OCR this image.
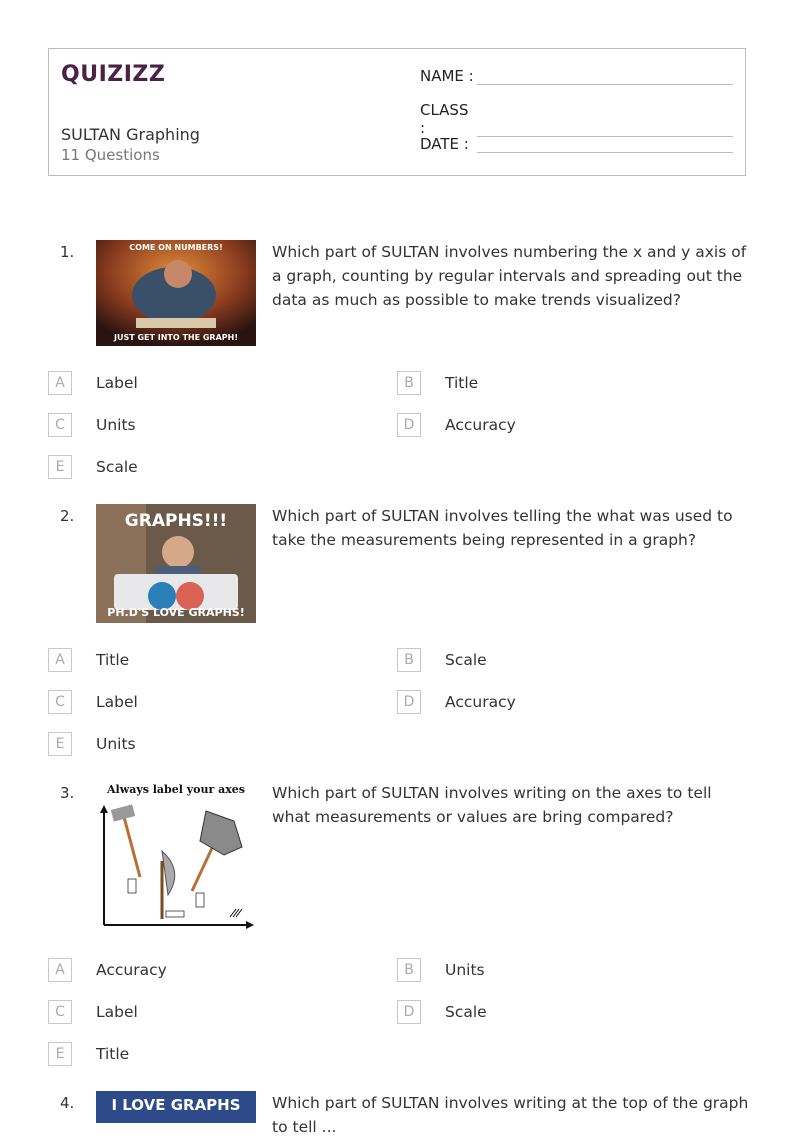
QUIZIZZ
SULTAN Graphing
11 Questions
NAME :
CLASS :
DATE :
1.	COME ON NUMBERS!
JUST GET INTO THE GRAPH!
Which part of SULTAN involves numbering the x and y axis of a graph, counting by regular intervals and spreading out the data as much as possible to make trends visualized?
A	Label	B	Title
C	Units	D	Accuracy
E	Scale
2.	GRAPHS!!!
PH.D'S LOVE GRAPHS!
Which part of SULTAN involves telling the what was used to take the measurements being represented in a graph?
A	Title	B	Scale
C	Label	D	Accuracy
E	Units
3.	Always label your axes Which part of SULTAN involves writing on the axes to tell what measurements or values are bring compared?
A	Accuracy	B	Units
C	Label	D	Scale
E	Title
4. I LOVE GRAPHS Which part of SULTAN involves writing at the top of the graph to tell ...
